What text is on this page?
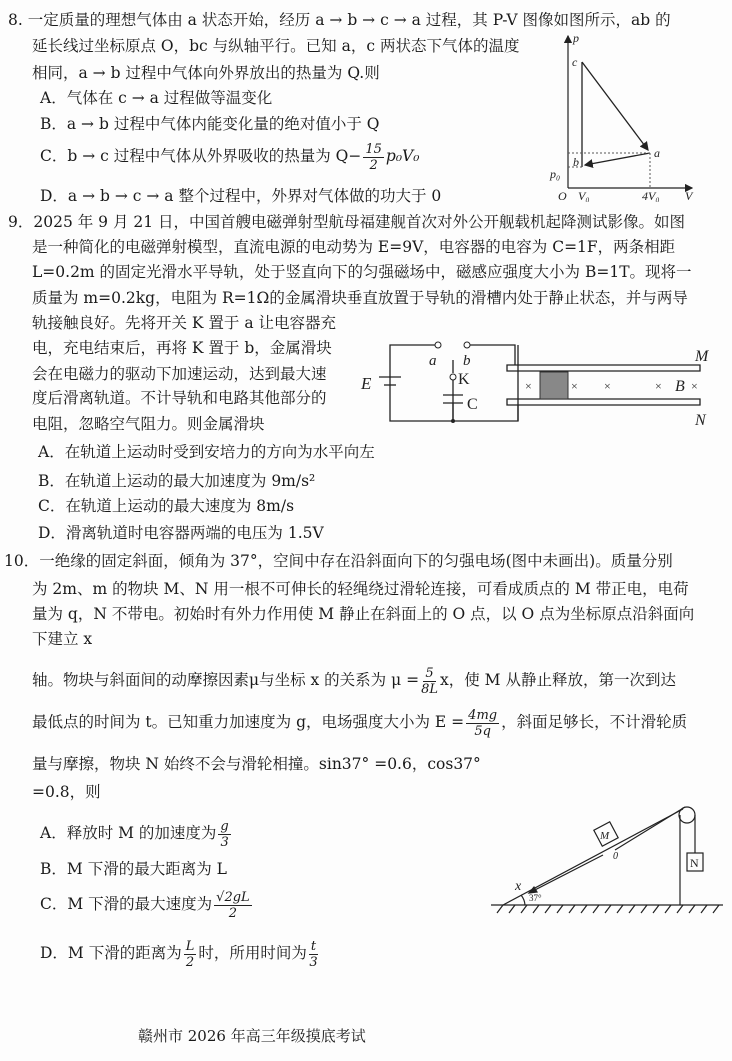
8. 一定质量的理想气体由 a 状态开始，经历 a → b → c → a 过程，其 P-V 图像如图所示，ab 的
延长线过坐标原点 O，bc 与纵轴平行。已知 a，c 两状态下气体的温度
相同，a → b 过程中气体向外界放出的热量为 Q.则
A．气体在 c → a 过程做等温变化
B．a → b 过程中气体内能变化量的绝对值小于 Q
C．b → c 过程中气体从外界吸收的热量为 $Q- \frac{15}{2} p_0V_0$
D．a → b → c → a 整个过程中，外界对气体做的功大于 0
p
V
O
c
b
a
p₀
V₀	4V₀
9．2025 年 9 月 21 日，中国首艘电磁弹射型航母福建舰首次对外公开舰载机起降测试影像。如图
是一种简化的电磁弹射模型，直流电源的电动势为 E=9V，电容器的电容为 C=1F，两条相距
L=0.2m 的固定光滑水平导轨，处于竖直向下的匀强磁场中，磁感应强度大小为 B=1T。现将一
质量为 m=0.2kg，电阻为 R=1Ω的金属滑块垂直放置于导轨的滑槽内处于静止状态，并与两导
轨接触良好。先将开关 K 置于 a 让电容器充
电，充电结束后，再将 K 置于 b，金属滑块
会在电磁力的驱动下加速运动，达到最大速
度后滑离轨道。不计导轨和电路其他部分的
电阻，忽略空气阻力。则金属滑块
A．在轨道上运动时受到安培力的方向为水平向左
B．在轨道上运动的最大加速度为 9m/s²
C．在轨道上运动的最大速度为 8m/s
D．滑离轨道时电容器两端的电压为 1.5V
E
a b
K
C
M
N
B
×	× ×	× ×
10．一绝缘的固定斜面，倾角为 37°，空间中存在沿斜面向下的匀强电场(图中未画出)。质量分别
为 2m、m 的物块 M、N 用一根不可伸长的轻绳绕过滑轮连接，可看成质点的 M 带正电，电荷
量为 q，N 不带电。初始时有外力作用使 M 静止在斜面上的 O 点，以 O 点为坐标原点沿斜面向
下建立 x
轴。物块与斜面间的动摩擦因素μ与坐标 x 的关系为 $\mu = \frac{5}{8L}$ x，使 M 从静止释放，第一次到达
最低点的时间为 t。已知重力加速度为 g，电场强度大小为 $E = \frac{4mg}{5q}$ ，斜面足够长，不计滑轮质
量与摩擦，物块 N 始终不会与滑轮相撞。sin37° =0.6，cos37°
=0.8，则
A．释放时 M 的加速度为 $\frac{g}{3}$
B．M 下滑的最大距离为 L
C．M 下滑的最大速度为 $\frac{√2gL}{2}$
D．M 下滑的距离为 $\frac{L}{2}$ 时，所用时间为 $\frac{t}{3}$
M
N
0
x
37°
赣州市 2026 年高三年级摸底考试
